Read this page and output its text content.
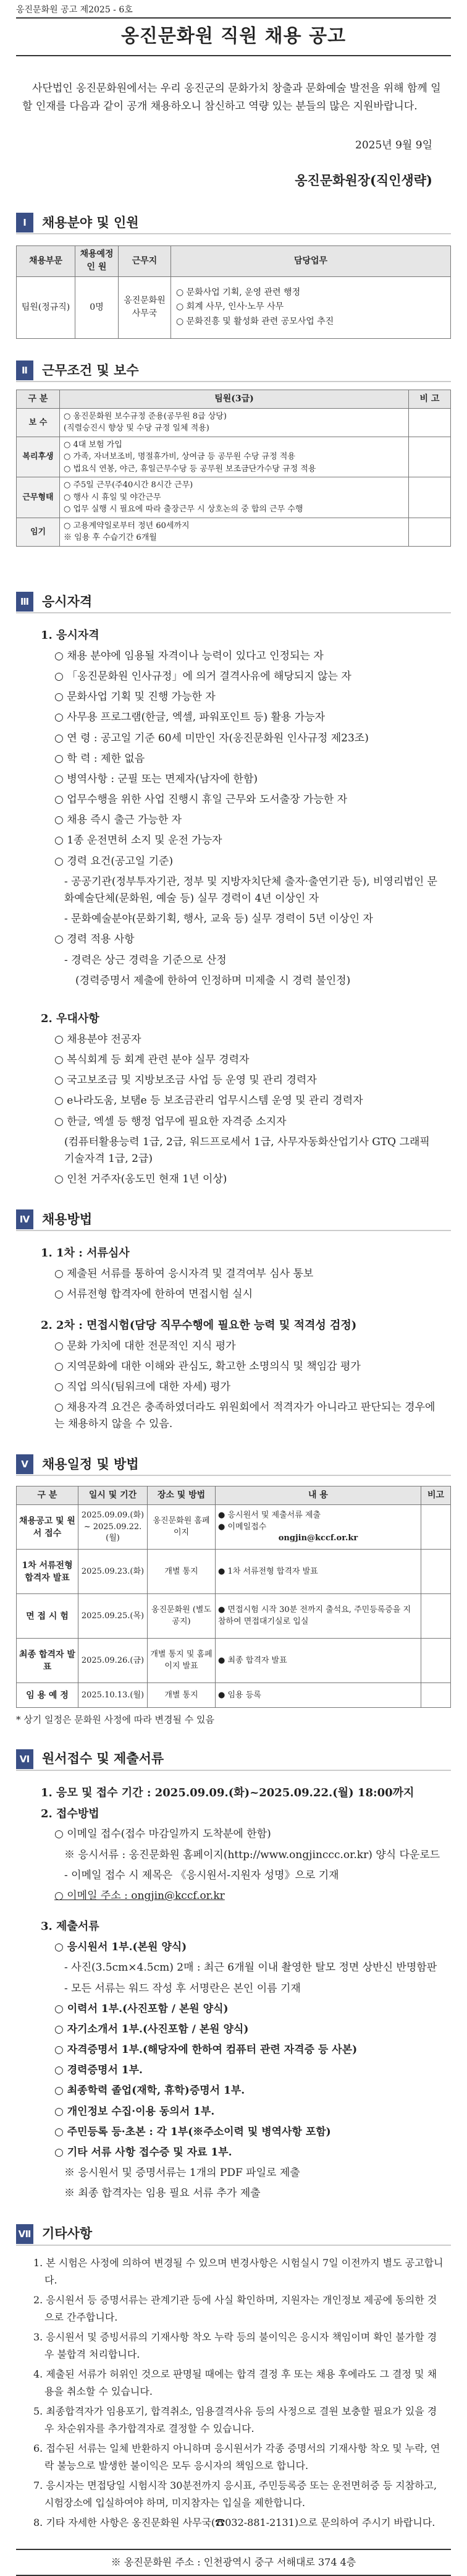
옹진문화원 공고 제2025 - 6호
옹진문화원 직원 채용 공고

사단법인 옹진문화원에서는 우리 옹진군의 문화가치 창출과 문화예술 발전을 위해 함께 일할 인재를 다음과 같이 공개 채용하오니 참신하고 역량 있는 분들의 많은 지원바랍니다.

2025년 9월 9일
옹진문화원장(직인생략)
Ⅰ	채용분야 및 인원
채용부문	채용예정 인 원	근무지	담당업무
팀원(정규직)	0명	옹진문화원 사무국	○ 문화사업 기획, 운영 관련 행정
○ 회계 사무, 인사·노무 사무
○ 문화진흥 및 활성화 관련 공모사업 추진
Ⅱ	근무조건 및 보수
구 분	팀원(3급)	비 고
보 수	○ 옹진문화원 보수규정 준용(공무원 8급 상당)
(직렬승진시 향상 및 수당 규정 일체 적용)	

복리후생	○ 4대 보험 가입
○ 가족, 자녀보조비, 명절휴가비, 상여금 등 공무원 수당 규정 적용
○ 법요식 연봉, 야근, 휴일근무수당 등 공무원 보조금단가수당 규정 적용	

근무형태	○ 주5일 근무(주40시간 8시간 근무)
○ 행사 시 휴일 및 야간근무
○ 업무 실행 시 필요에 따라 출장근무 시 상호논의 중 합의 근무 수행	

임기	○ 고용계약일로부터 정년 60세까지
※ 임용 후 수습기간 6개월	

Ⅲ 응시자격
1. 응시자격
○ 채용 분야에 임용될 자격이나 능력이 있다고 인정되는 자
○ 「옹진문화원 인사규정」에 의거 결격사유에 해당되지 않는 자
○ 문화사업 기획 및 진행 가능한 자
○ 사무용 프로그램(한글, 엑셀, 파워포인트 등) 활용 가능자
○ 연 령 : 공고일 기준 60세 미만인 자(옹진문화원 인사규정 제23조)
○ 학 력 : 제한 없음
○ 병역사항 : 군필 또는 면제자(남자에 한함)
○ 업무수행을 위한 사업 진행시 휴일 근무와 도서출장 가능한 자
○ 채용 즉시 출근 가능한 자
○ 1종 운전면허 소지 및 운전 가능자
○ 경력 요건(공고일 기준)
- 공공기관(정부투자기관, 정부 및 지방자치단체 출자·출연기관 등), 비영리법인 문화예술단체(문화원, 예술 등) 실무 경력이 4년 이상인 자
- 문화예술분야(문화기획, 행사, 교육 등) 실무 경력이 5년 이상인 자
○ 경력 적용 사항
- 경력은 상근 경력을 기준으로 산정
(경력증명서 제출에 한하여 인정하며 미제출 시 경력 불인정)
2. 우대사항
○ 채용분야 전공자
○ 복식회계 등 회계 관련 분야 실무 경력자
○ 국고보조금 및 지방보조금 사업 등 운영 및 관리 경력자
○ e나라도움, 보탬e 등 보조금관리 업무시스템 운영 및 관리 경력자
○ 한글, 엑셀 등 행정 업무에 필요한 자격증 소지자
(컴퓨터활용능력 1급, 2급, 워드프로세서 1급, 사무자동화산업기사 GTQ 그래픽 기술자격 1급, 2급)
○ 인천 거주자(옹도민 현재 1년 이상)
Ⅳ 채용방법
1. 1차 : 서류심사
○ 제출된 서류를 통하여 응시자격 및 결격여부 심사 통보
○ 서류전형 합격자에 한하여 면접시험 실시
2. 2차 : 면접시험(담당 직무수행에 필요한 능력 및 적격성 검정)
○ 문화 가치에 대한 전문적인 지식 평가
○ 지역문화에 대한 이해와 관심도, 확고한 소명의식 및 책임감 평가
○ 직업 의식(팀워크에 대한 자세) 평가
○ 채용자격 요건은 충족하였더라도 위원회에서 적격자가 아니라고 판단되는 경우에는 채용하지 않을 수 있음.
Ⅴ	채용일정 및 방법
구 분	일시 및 기간	장소 및 방법	내 용	비고
채용공고 및 원서 접수	2025.09.09.(화) ~ 2025.09.22.(월)	옹진문화원 홈페이지	● 응시원서 및 제출서류 제출
● 이메일접수
ongjin@kccf.or.kr	

1차 서류전형 합격자 발표	2025.09.23.(화)	개별 통지	● 1차 서류전형 합격자 발표	
면 접 시 험	2025.09.25.(목)	옹진문화원 (별도 공지)	● 면접시험 시작 30분 전까지 출석요, 주민등록증을 지참하여 면접대기실로 입실	
최종 합격자 발 표	2025.09.26.(금)	개별 통지 및 홈페이지 발표	● 최종 합격자 발표	
임 용 예 정	2025.10.13.(월)	개별 통지	● 임용 등록	
* 상기 일정은 문화원 사정에 따라 변경될 수 있음
Ⅵ 원서접수 및 제출서류
1. 응모 및 접수 기간 : 2025.09.09.(화)~2025.09.22.(월) 18:00까지
2. 접수방법
○ 이메일 접수(접수 마감일까지 도착분에 한함)
※ 응시서류 : 옹진문화원 홈페이지(http://www.ongjinccc.or.kr) 양식 다운로드
- 이메일 접수 시 제목은 《응시원서-지원자 성명》으로 기재
○ 이메일 주소 : ongjin@kccf.or.kr
3. 제출서류
○ 응시원서 1부.(본원 양식)
- 사진(3.5cm×4.5cm) 2매 : 최근 6개월 이내 촬영한 탈모 정면 상반신 반명함판
- 모든 서류는 워드 작성 후 서명란은 본인 이름 기재
○ 이력서 1부.(사진포함 / 본원 양식)
○ 자기소개서 1부.(사진포함 / 본원 양식)
○ 자격증명서 1부.(해당자에 한하여 컴퓨터 관련 자격증 등 사본)
○ 경력증명서 1부.
○ 최종학력 졸업(재학, 휴학)증명서 1부.
○ 개인정보 수집·이용 동의서 1부.
○ 주민등록 등·초본 : 각 1부(※주소이력 및 병역사항 포함)
○ 기타 서류 사항 접수증 및 자료 1부.
※ 응시원서 및 증명서류는 1개의 PDF 파일로 제출
※ 최종 합격자는 임용 필요 서류 추가 제출
Ⅶ 기타사항
1. 본 시험은 사정에 의하여 변경될 수 있으며 변경사항은 시험실시 7일 이전까지 별도 공고합니다.
2. 응시원서 등 증명서류는 관계기관 등에 사실 확인하며, 지원자는 개인정보 제공에 동의한 것으로 간주합니다.
3. 응시원서 및 증빙서류의 기재사항 착오 누락 등의 불이익은 응시자 책임이며 확인 불가할 경우 불합격 처리합니다.
4. 제출된 서류가 허위인 것으로 판명될 때에는 합격 결정 후 또는 채용 후에라도 그 결정 및 채용을 취소할 수 있습니다.
5. 최종합격자가 임용포기, 합격취소, 임용결격사유 등의 사정으로 결원 보충할 필요가 있을 경우 차순위자를 추가합격자로 결정할 수 있습니다.
6. 접수된 서류는 일체 반환하지 아니하며 응시원서가 각종 증명서의 기재사항 착오 및 누락, 연락 불능으로 발생한 불이익은 모두 응시자의 책임으로 합니다.
7. 응시자는 면접당일 시험시작 30분전까지 응시표, 주민등록증 또는 운전면허증 등 지참하고, 시험장소에 입실하여야 하며, 미지참자는 입실을 제한합니다.
8. 기타 자세한 사항은 옹진문화원 사무국(☎032-881-2131)으로 문의하여 주시기 바랍니다.
※ 옹진문화원 주소 : 인천광역시 중구 서해대로 374 4층
